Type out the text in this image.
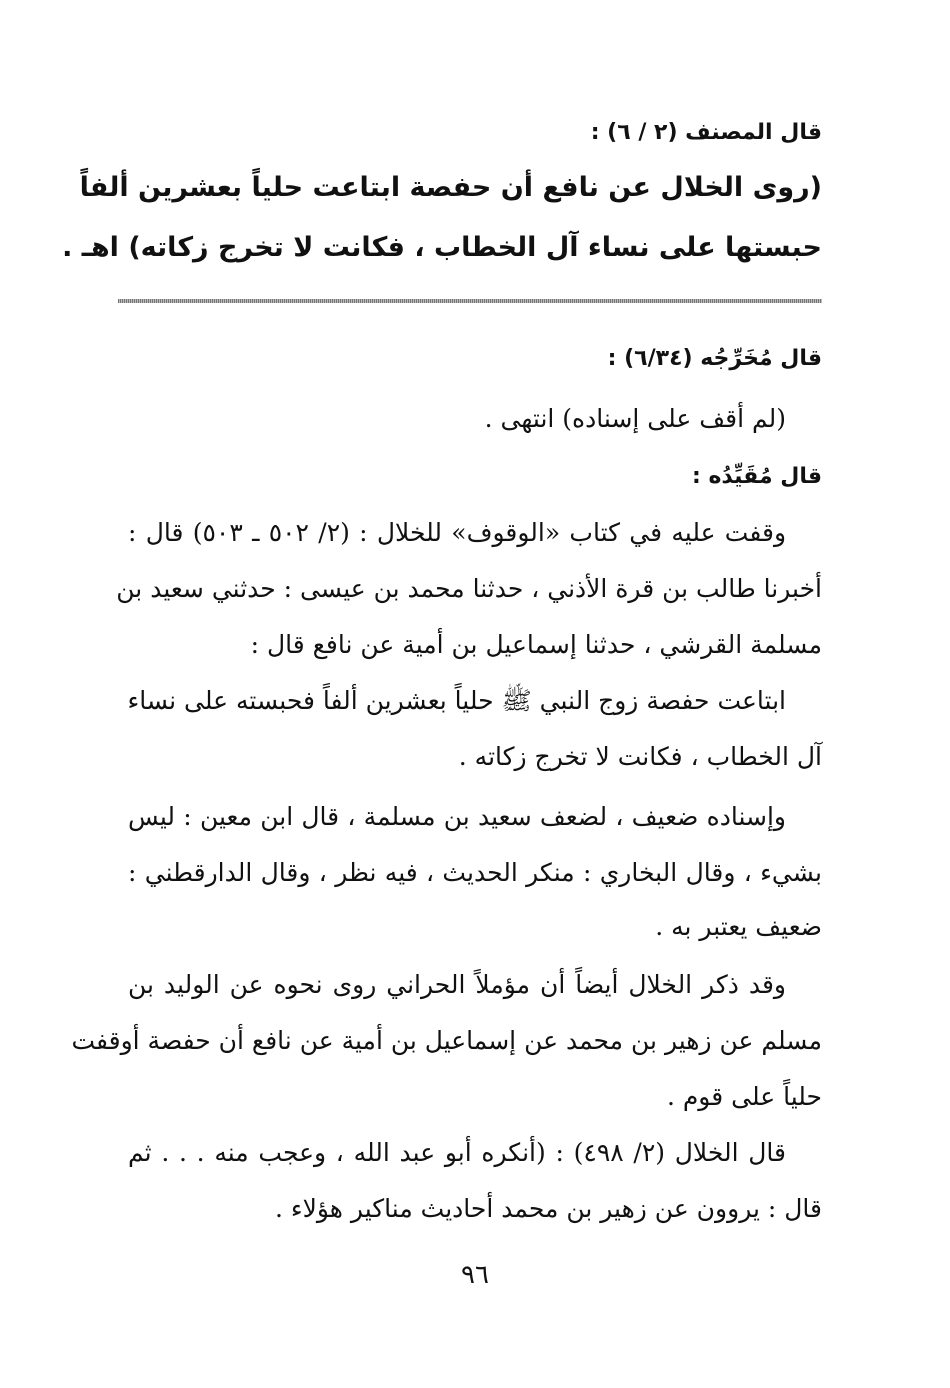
قال المصنف (٢ / ٦) :
(روى الخلال عن نافع أن حفصة ابتاعت حلياً بعشرين ألفاً
حبستها على نساء آل الخطاب ، فكانت لا تخرج زكاته) اهـ .
قال مُخَرِّجُه (٦/٣٤) :
(لم أقف على إسناده) انتهى .
قال مُقَيِّدُه :
وقفت عليه في كتاب «الوقوف» للخلال : (٢/ ٥٠٢ ـ ٥٠٣) قال :
أخبرنا طالب بن قرة الأذني ، حدثنا محمد بن عيسى : حدثني سعيد بن
مسلمة القرشي ، حدثنا إسماعيل بن أمية عن نافع قال :
ابتاعت حفصة زوج النبي ﷺ حلياً بعشرين ألفاً فحبسته على نساء
آل الخطاب ، فكانت لا تخرج زكاته .
وإسناده ضعيف ، لضعف سعيد بن مسلمة ، قال ابن معين : ليس
بشيء ، وقال البخاري : منكر الحديث ، فيه نظر ، وقال الدارقطني :
ضعيف يعتبر به .
وقد ذكر الخلال أيضاً أن مؤملاً الحراني روى نحوه عن الوليد بن
مسلم عن زهير بن محمد عن إسماعيل بن أمية عن نافع أن حفصة أوقفت
حلياً على قوم .
قال الخلال (٢/ ٤٩٨) : (أنكره أبو عبد الله ، وعجب منه . . . ثم
قال : يروون عن زهير بن محمد أحاديث مناكير هؤلاء .
٩٦
